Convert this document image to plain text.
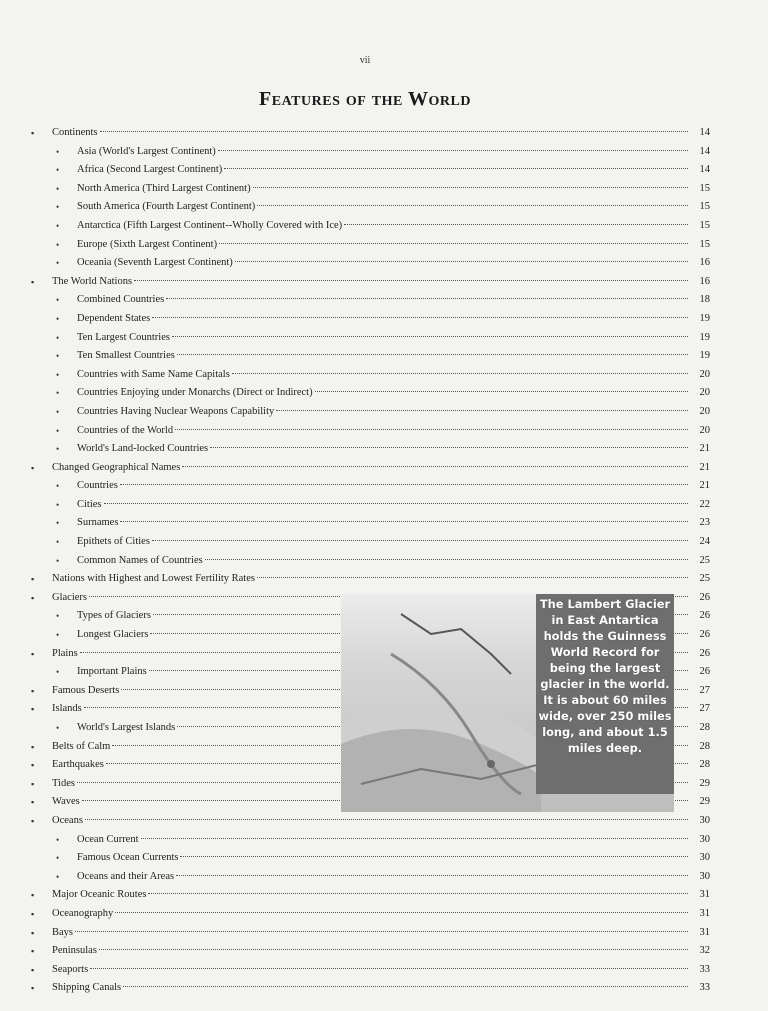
vii
Features of the World
▪ Continents	14
• Asia (World's Largest Continent)	14
• Africa (Second Largest Continent)	14
• North America (Third Largest Continent)	15
• South America (Fourth Largest Continent)	15
• Antarctica (Fifth Largest Continent--Wholly Covered with Ice)	15
• Europe (Sixth Largest Continent)	15
• Oceania (Seventh Largest Continent)	16
▪ The World Nations	16
• Combined Countries	18
• Dependent States	19
• Ten Largest Countries	19
• Ten Smallest Countries	19
• Countries with Same Name Capitals	20
• Countries Enjoying under Monarchs (Direct or Indirect)	20
• Countries Having Nuclear Weapons Capability	20
• Countries of the World	20
• World's Land-locked Countries	21
▪ Changed Geographical Names	21
• Countries	21
• Cities	22
• Surnames	23
• Epithets of Cities	24
• Common Names of Countries	25
▪ Nations with Highest and Lowest Fertility Rates	25
▪ Glaciers	26
• Types of Glaciers	26
• Longest Glaciers	26
▪ Plains	26
• Important Plains	26
▪ Famous Deserts	27
▪ Islands	27
• World's Largest Islands	28
▪ Belts of Calm	28
▪ Earthquakes	28
▪ Tides	29
▪ Waves	29
▪ Oceans	30
• Ocean Current	30
• Famous Ocean Currents	30
• Oceans and their Areas	30
▪ Major Oceanic Routes	31
▪ Oceanography	31
▪ Bays	31
▪ Peninsulas	32
▪ Seaports	33
▪ Shipping Canals	33

The Lambert Glacier in East Antartica holds the Guinness World Record for being the largest glacier in the world. It is about 60 miles wide, over 250 miles long, and about 1.5 miles deep.
